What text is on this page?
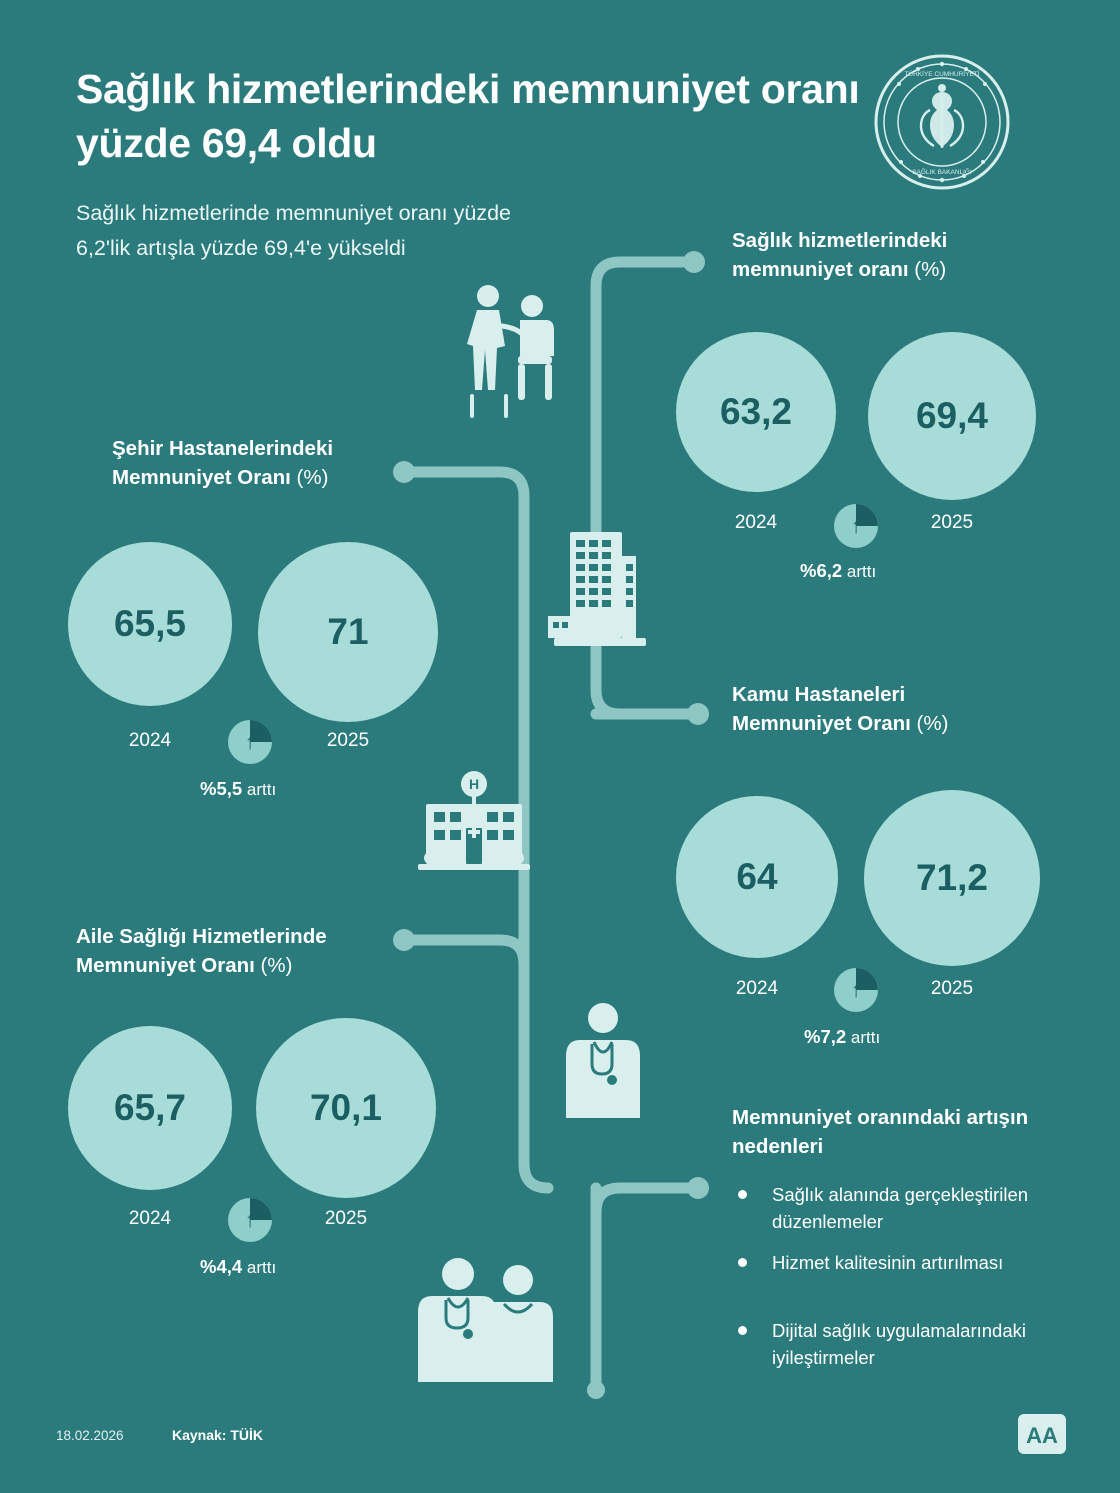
Sağlık hizmetlerindeki memnuniyet oranı yüzde 69,4 oldu
Sağlık hizmetlerinde memnuniyet oranı yüzde 6,2'lik artışla yüzde 69,4'e yükseldi
TÜRKİYE CUMHURİYETİ
SAĞLIK BAKANLIĞI
H
Sağlık hizmetlerindeki
memnuniyet oranı (%)
63,2	69,4
2024	2025
↑
%6,2 arttı
Şehir Hastanelerindeki
Memnuniyet Oranı (%)
65,5	71
2024	2025
↑
%5,5 arttı
Kamu Hastaneleri
Memnuniyet Oranı (%)
64	71,2
2024	2025
↑
%7,2 arttı
Aile Sağlığı Hizmetlerinde
Memnuniyet Oranı (%)
65,7	70,1
2024	2025
↑
%4,4 arttı
Memnuniyet oranındaki artışın nedenleri
Sağlık alanında gerçekleştirilen düzenlemeler
Hizmet kalitesinin artırılması
Dijital sağlık uygulamalarındaki iyileştirmeler
18.02.2026	Kaynak: TÜİK	AA
